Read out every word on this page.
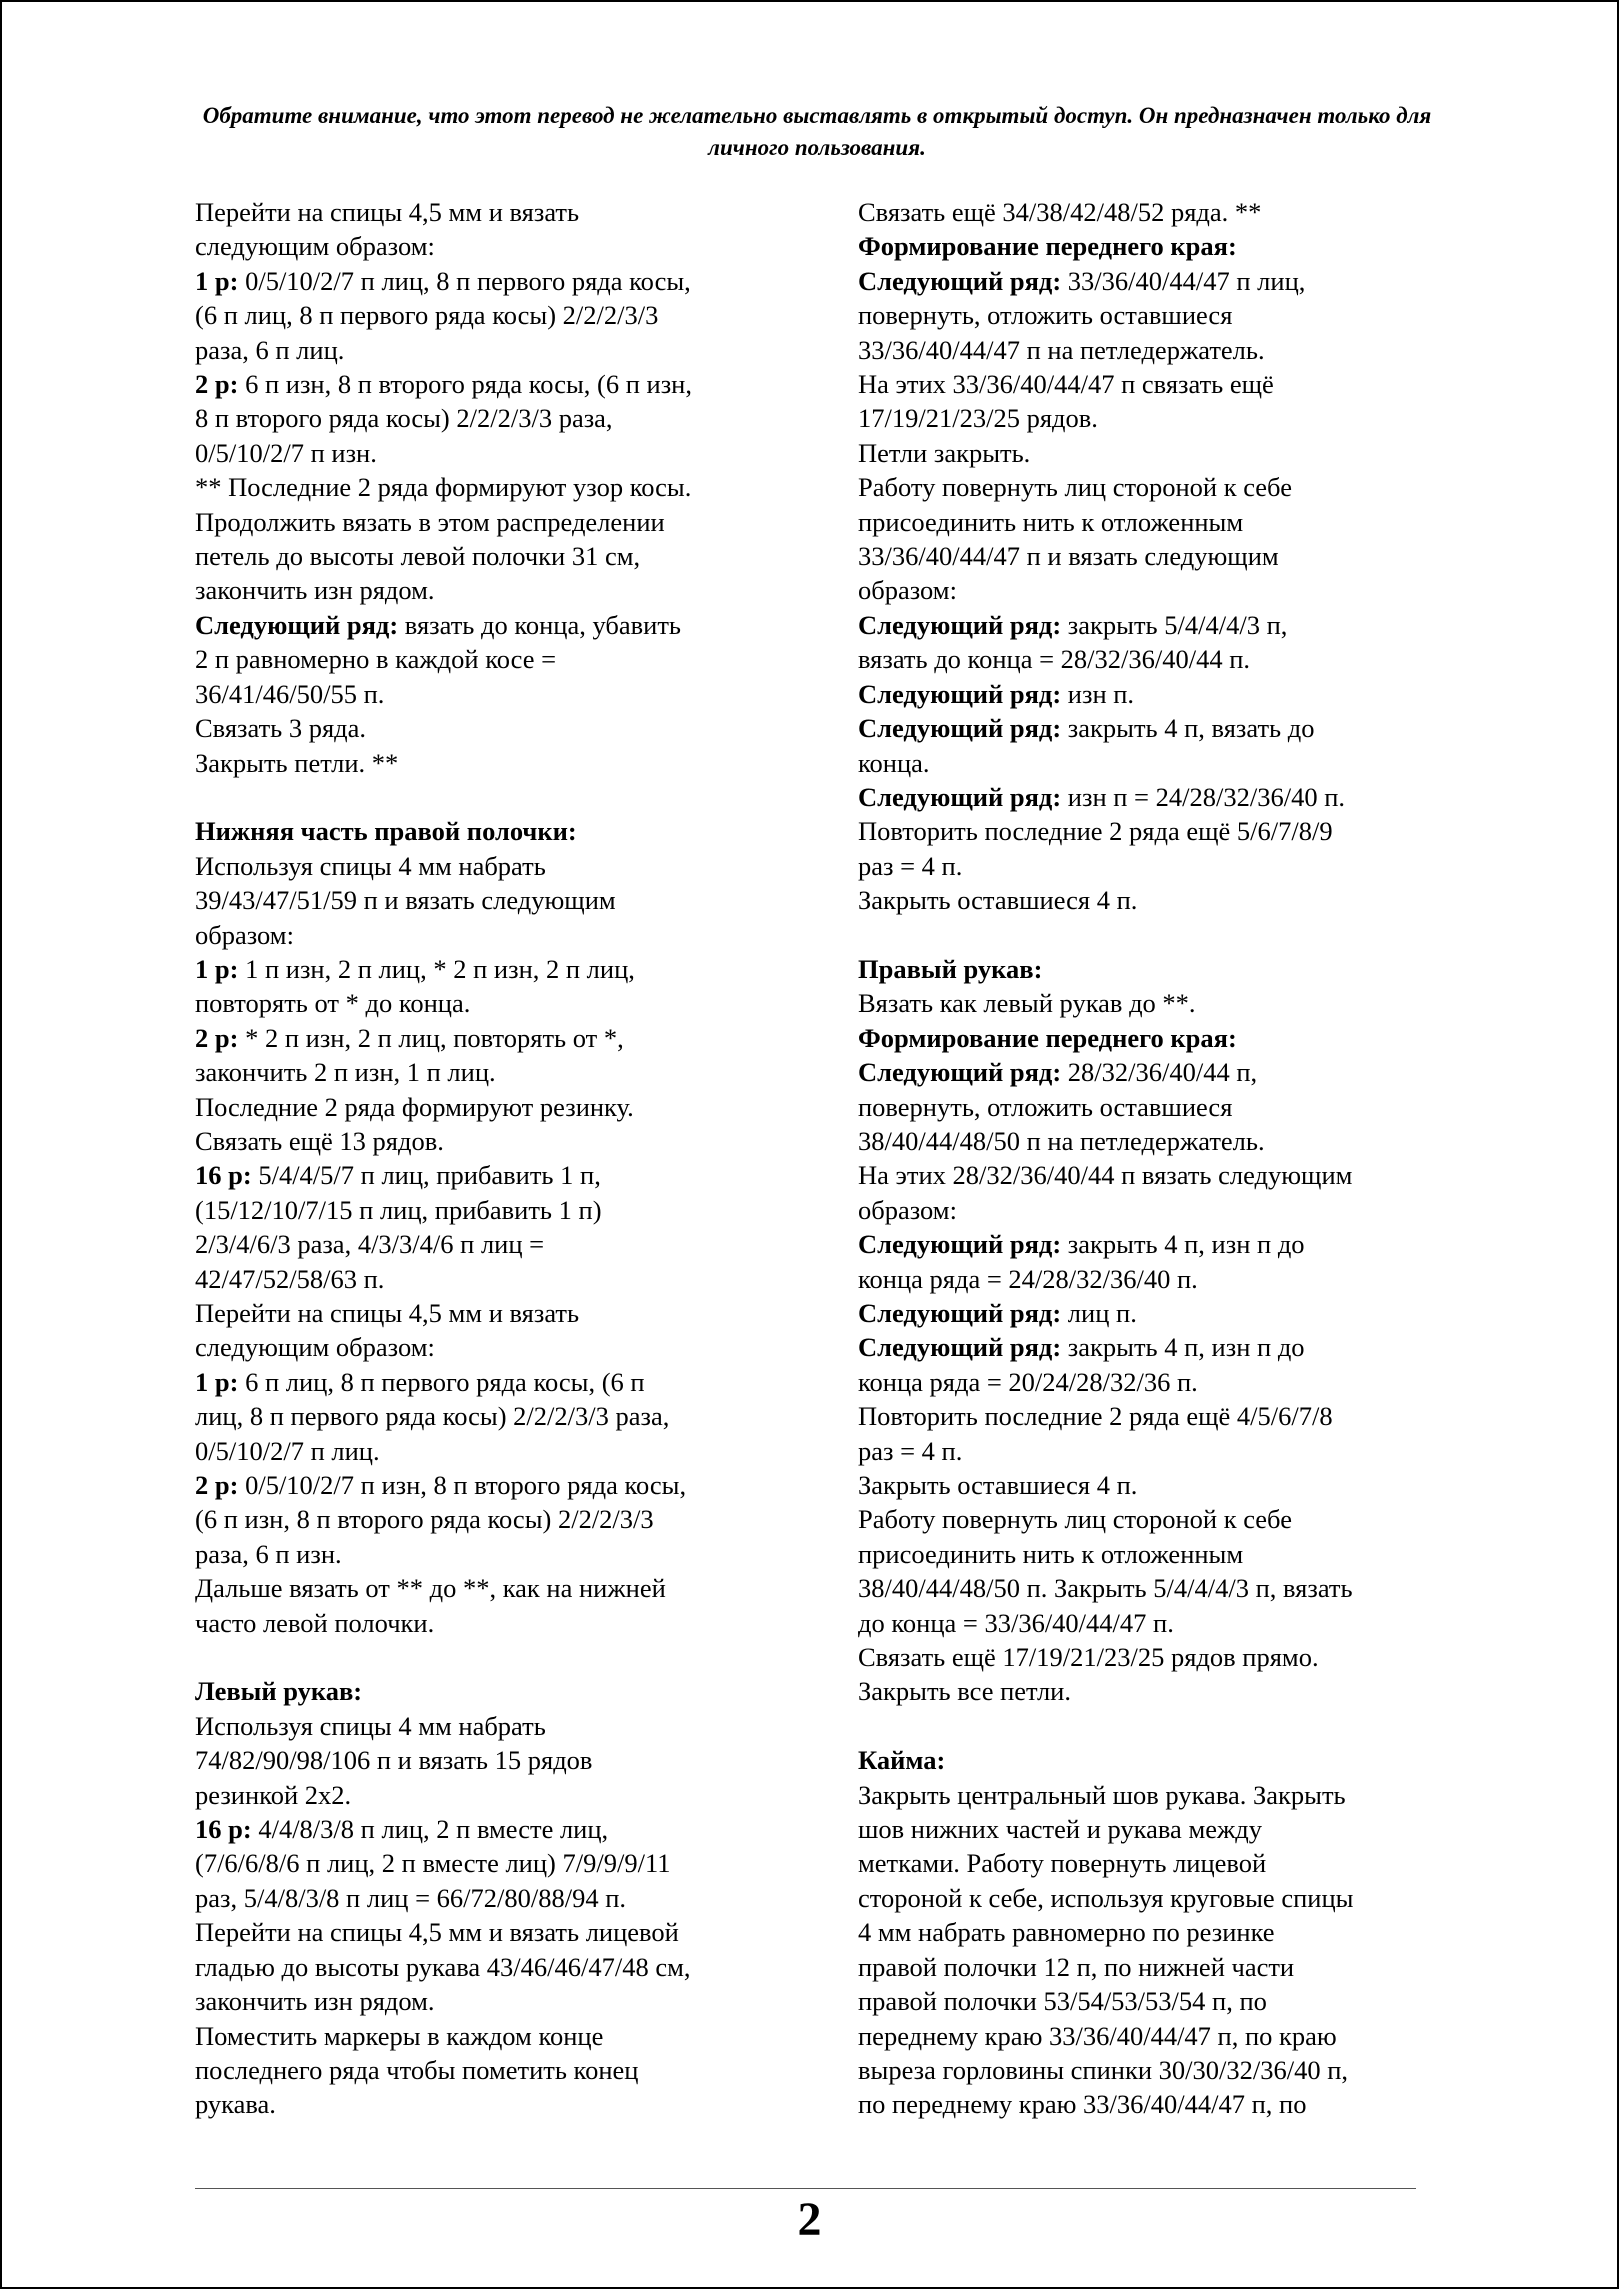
Обратите внимание, что этот перевод не желательно выставлять в открытый доступ. Он предназначен только для личного пользования.
Перейти на спицы 4,5 мм и вязать
следующим образом:
1 р: 0/5/10/2/7 п лиц, 8 п первого ряда косы,
(6 п лиц, 8 п первого ряда косы) 2/2/2/3/3
раза, 6 п лиц.
2 р: 6 п изн, 8 п второго ряда косы, (6 п изн,
8 п второго ряда косы) 2/2/2/3/3 раза,
0/5/10/2/7 п изн.
** Последние 2 ряда формируют узор косы.
Продолжить вязать в этом распределении
петель до высоты левой полочки 31 см,
закончить изн рядом.
Следующий ряд: вязать до конца, убавить
2 п равномерно в каждой косе =
36/41/46/50/55 п.
Связать 3 ряда.
Закрыть петли. **
Нижняя часть правой полочки:
Используя спицы 4 мм набрать
39/43/47/51/59 п и вязать следующим
образом:
1 р: 1 п изн, 2 п лиц, * 2 п изн, 2 п лиц,
повторять от * до конца.
2 р: * 2 п изн, 2 п лиц, повторять от *,
закончить 2 п изн, 1 п лиц.
Последние 2 ряда формируют резинку.
Связать ещё 13 рядов.
16 р: 5/4/4/5/7 п лиц, прибавить 1 п,
(15/12/10/7/15 п лиц, прибавить 1 п)
2/3/4/6/3 раза, 4/3/3/4/6 п лиц =
42/47/52/58/63 п.
Перейти на спицы 4,5 мм и вязать
следующим образом:
1 р: 6 п лиц, 8 п первого ряда косы, (6 п
лиц, 8 п первого ряда косы) 2/2/2/3/3 раза,
0/5/10/2/7 п лиц.
2 р: 0/5/10/2/7 п изн, 8 п второго ряда косы,
(6 п изн, 8 п второго ряда косы) 2/2/2/3/3
раза, 6 п изн.
Дальше вязать от ** до **, как на нижней
часто левой полочки.
Левый рукав:
Используя спицы 4 мм набрать
74/82/90/98/106 п и вязать 15 рядов
резинкой 2х2.
16 р: 4/4/8/3/8 п лиц, 2 п вместе лиц,
(7/6/6/8/6 п лиц, 2 п вместе лиц) 7/9/9/9/11
раз, 5/4/8/3/8 п лиц = 66/72/80/88/94 п.
Перейти на спицы 4,5 мм и вязать лицевой
гладью до высоты рукава 43/46/46/47/48 см,
закончить изн рядом.
Поместить маркеры в каждом конце
последнего ряда чтобы пометить конец
рукава.
Связать ещё 34/38/42/48/52 ряда. **
Формирование переднего края:
Следующий ряд: 33/36/40/44/47 п лиц,
повернуть, отложить оставшиеся
33/36/40/44/47 п на петледержатель.
На этих 33/36/40/44/47 п связать ещё
17/19/21/23/25 рядов.
Петли закрыть.
Работу повернуть лиц стороной к себе
присоединить нить к отложенным
33/36/40/44/47 п и вязать следующим
образом:
Следующий ряд: закрыть 5/4/4/4/3 п,
вязать до конца = 28/32/36/40/44 п.
Следующий ряд: изн п.
Следующий ряд: закрыть 4 п, вязать до
конца.
Следующий ряд: изн п = 24/28/32/36/40 п.
Повторить последние 2 ряда ещё 5/6/7/8/9
раз = 4 п.
Закрыть оставшиеся 4 п.
Правый рукав:
Вязать как левый рукав до **.
Формирование переднего края:
Следующий ряд: 28/32/36/40/44 п,
повернуть, отложить оставшиеся
38/40/44/48/50 п на петледержатель.
На этих 28/32/36/40/44 п вязать следующим
образом:
Следующий ряд: закрыть 4 п, изн п до
конца ряда = 24/28/32/36/40 п.
Следующий ряд: лиц п.
Следующий ряд: закрыть 4 п, изн п до
конца ряда = 20/24/28/32/36 п.
Повторить последние 2 ряда ещё 4/5/6/7/8
раз = 4 п.
Закрыть оставшиеся 4 п.
Работу повернуть лиц стороной к себе
присоединить нить к отложенным
38/40/44/48/50 п. Закрыть 5/4/4/4/3 п, вязать
до конца = 33/36/40/44/47 п.
Связать ещё 17/19/21/23/25 рядов прямо.
Закрыть все петли.
Кайма:
Закрыть центральный шов рукава. Закрыть
шов нижних частей и рукава между
метками. Работу повернуть лицевой
стороной к себе, используя круговые спицы
4 мм набрать равномерно по резинке
правой полочки 12 п, по нижней части
правой полочки 53/54/53/53/54 п, по
переднему краю 33/36/40/44/47 п, по краю
выреза горловины спинки 30/30/32/36/40 п,
по переднему краю 33/36/40/44/47 п, по
2
